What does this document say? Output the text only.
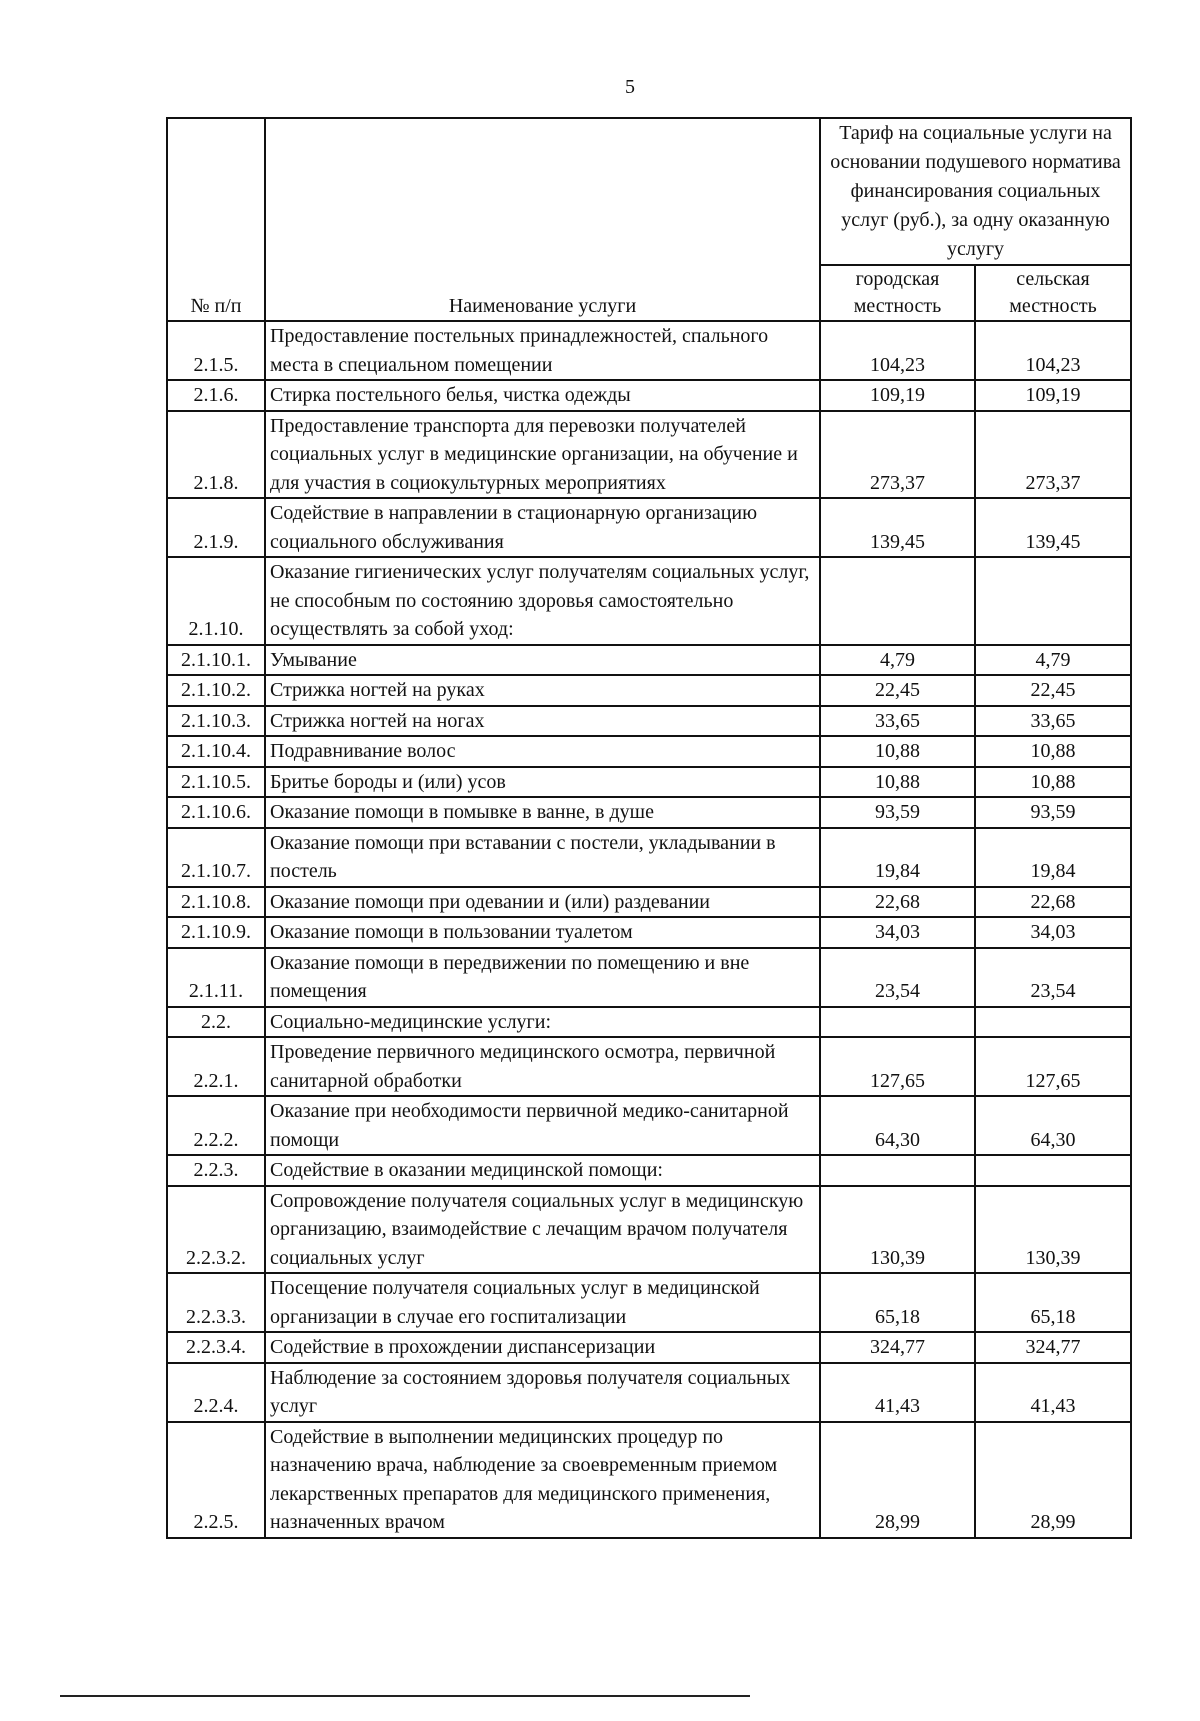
5
№ п/п	Наименование услуги	Тариф на социальные услуги на основании подушевого норматива финансирования социальных услуг (руб.), за одну оказанную услугу	
		городская местность	сельская местность
2.1.5.	Предоставление постельных принадлежностей, спального места в специальном помещении	104,23	104,23
2.1.6.	Стирка постельного белья, чистка одежды	109,19	109,19
2.1.8.	Предоставление транспорта для перевозки получателей социальных услуг в медицинские организации, на обучение и для участия в социокультурных мероприятиях	273,37	273,37
2.1.9.	Содействие в направлении в стационарную организацию социального обслуживания	139,45	139,45
2.1.10.	Оказание гигиенических услуг получателям социальных услуг, не способным по состоянию здоровья самостоятельно осуществлять за собой уход:		
2.1.10.1.	Умывание	4,79	4,79
2.1.10.2.	Стрижка ногтей на руках	22,45	22,45
2.1.10.3.	Стрижка ногтей на ногах	33,65	33,65
2.1.10.4.	Подравнивание волос	10,88	10,88
2.1.10.5.	Бритье бороды и (или) усов	10,88	10,88
2.1.10.6.	Оказание помощи в помывке в ванне, в душе	93,59	93,59
2.1.10.7.	Оказание помощи при вставании с постели, укладывании в постель	19,84	19,84
2.1.10.8.	Оказание помощи при одевании и (или) раздевании	22,68	22,68
2.1.10.9.	Оказание помощи в пользовании туалетом	34,03	34,03
2.1.11.	Оказание помощи в передвижении по помещению и вне помещения	23,54	23,54
2.2.	Социально-медицинские услуги:		
2.2.1.	Проведение первичного медицинского осмотра, первичной санитарной обработки	127,65	127,65
2.2.2.	Оказание при необходимости первичной медико-санитарной помощи	64,30	64,30
2.2.3.	Содействие в оказании медицинской помощи:		
2.2.3.2.	Сопровождение получателя социальных услуг в медицинскую организацию, взаимодействие с лечащим врачом получателя социальных услуг	130,39	130,39
2.2.3.3.	Посещение получателя социальных услуг в медицинской организации в случае его госпитализации	65,18	65,18
2.2.3.4.	Содействие в прохождении диспансеризации	324,77	324,77
2.2.4.	Наблюдение за состоянием здоровья получателя социальных услуг	41,43	41,43
2.2.5.	Содействие в выполнении медицинских процедур по назначению врача, наблюдение за своевременным приемом лекарственных препаратов для медицинского применения, назначенных врачом	28,99	28,99
